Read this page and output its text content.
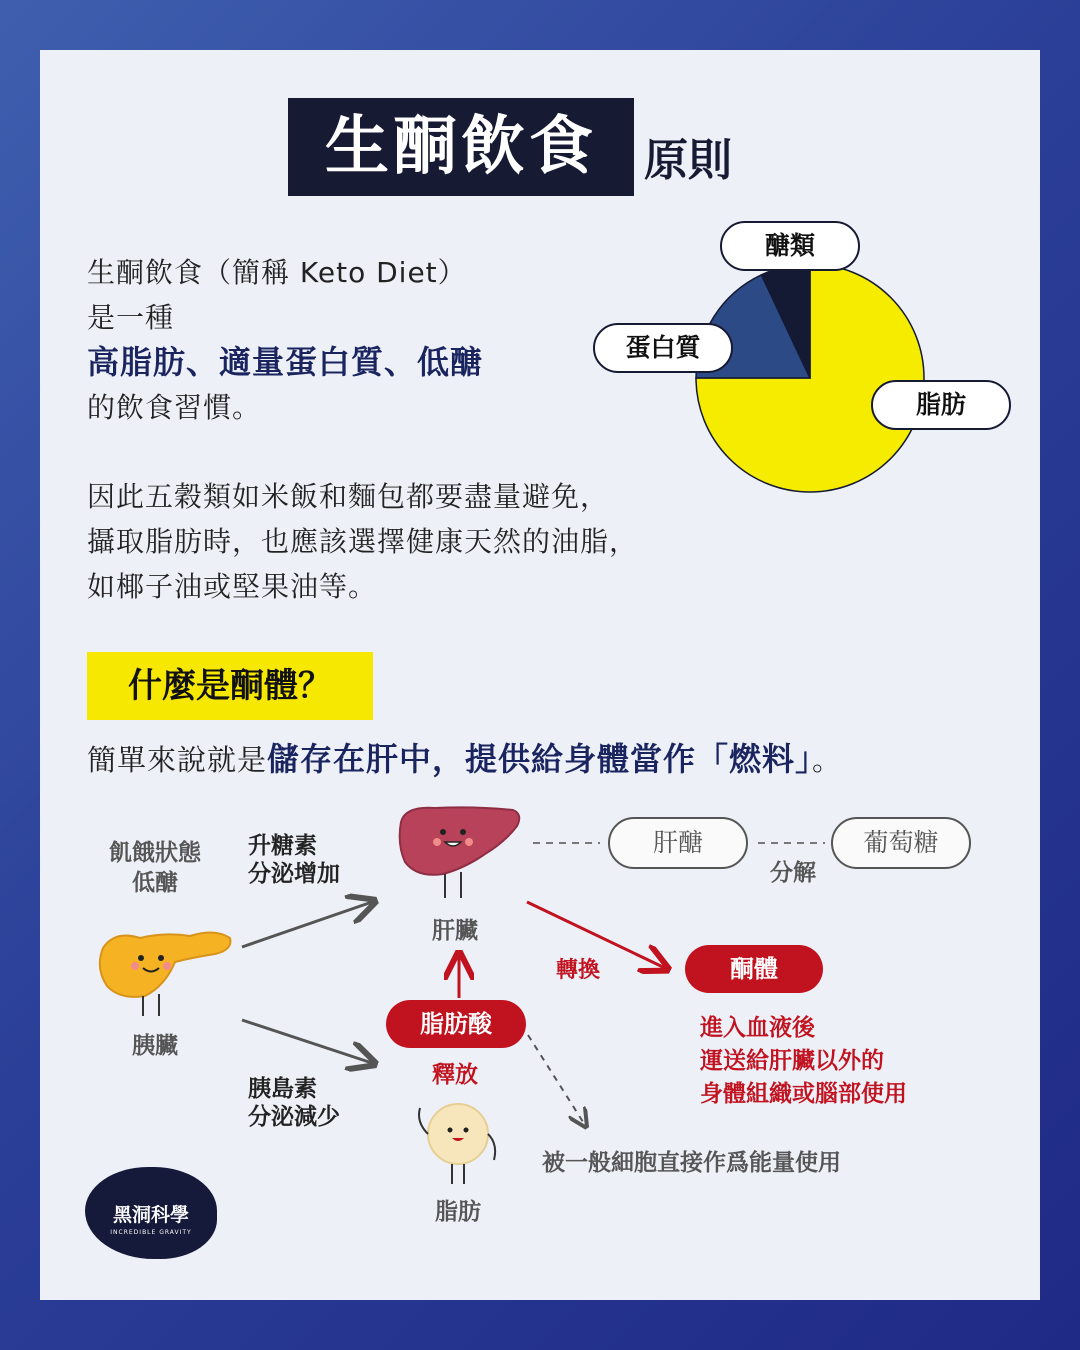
生酮飲食	原則
生酮飲食（簡稱 Keto Diet）
是一種
高脂肪、適量蛋白質、低醣
的飲食習慣。
醣類
蛋白質
脂肪
因此五穀類如米飯和麵包都要盡量避免，
攝取脂肪時，也應該選擇健康天然的油脂，
如椰子油或堅果油等。
什麼是酮體？
簡單來說就是儲存在肝中，提供給身體當作「燃料」。
飢餓狀態
低醣
胰臟
升糖素
分泌增加
胰島素
分泌減少
肝臟
肝醣	葡萄糖
分解
轉換	酮體
進入血液後
運送給肝臟以外的
身體組織或腦部使用
脂肪酸
釋放
脂肪
被一般細胞直接作爲能量使用
黑洞科學
INCREDIBLE GRAVITY
